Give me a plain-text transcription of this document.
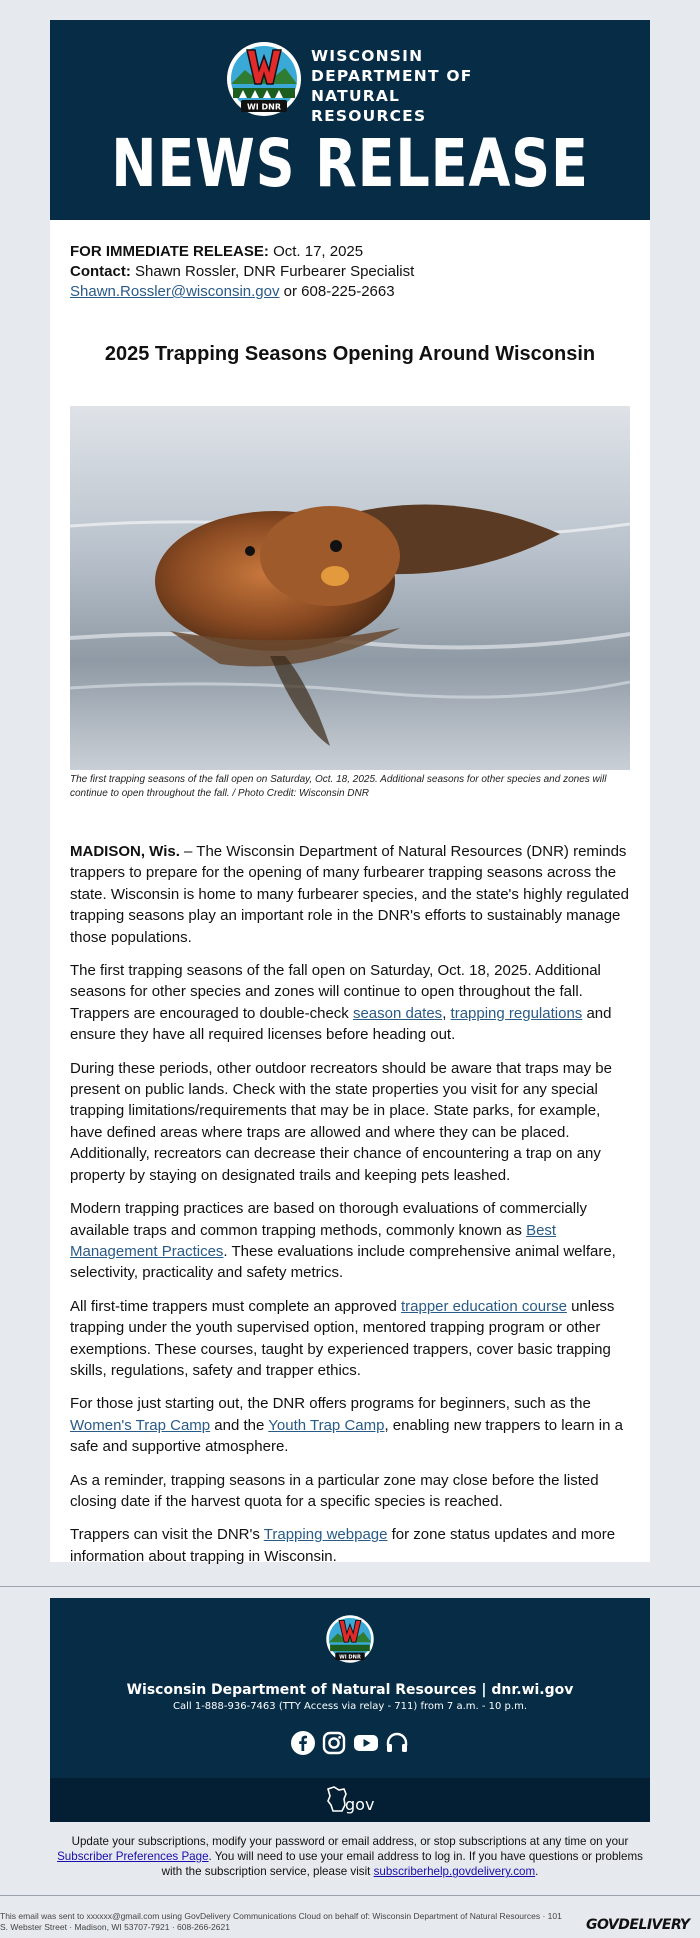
WI DNR
WISCONSIN
DEPARTMENT OF
NATURAL RESOURCES
NEWS RELEASE
FOR IMMEDIATE RELEASE: Oct. 17, 2025
Contact: Shawn Rossler, DNR Furbearer Specialist
Shawn.Rossler@wisconsin.gov or 608-225-2663
2025 Trapping Seasons Opening Around Wisconsin
The first trapping seasons of the fall open on Saturday, Oct. 18, 2025. Additional seasons for other species and zones will continue to open throughout the fall. / Photo Credit: Wisconsin DNR

MADISON, Wis. – The Wisconsin Department of Natural Resources (DNR) reminds trappers to prepare for the opening of many furbearer trapping seasons across the state. Wisconsin is home to many furbearer species, and the state's highly regulated trapping seasons play an important role in the DNR's efforts to sustainably manage those populations.

The first trapping seasons of the fall open on Saturday, Oct. 18, 2025. Additional seasons for other species and zones will continue to open throughout the fall. Trappers are encouraged to double-check season dates, trapping regulations and ensure they have all required licenses before heading out.

During these periods, other outdoor recreators should be aware that traps may be present on public lands. Check with the state properties you visit for any special trapping limitations/requirements that may be in place. State parks, for example, have defined areas where traps are allowed and where they can be placed. Additionally, recreators can decrease their chance of encountering a trap on any property by staying on designated trails and keeping pets leashed.

Modern trapping practices are based on thorough evaluations of commercially available traps and common trapping methods, commonly known as Best Management Practices. These evaluations include comprehensive animal welfare, selectivity, practicality and safety metrics.

All first-time trappers must complete an approved trapper education course unless trapping under the youth supervised option, mentored trapping program or other exemptions. These courses, taught by experienced trappers, cover basic trapping skills, regulations, safety and trapper ethics.

For those just starting out, the DNR offers programs for beginners, such as the Women's Trap Camp and the Youth Trap Camp, enabling new trappers to learn in a safe and supportive atmosphere.

As a reminder, trapping seasons in a particular zone may close before the listed closing date if the harvest quota for a specific species is reached.

Trappers can visit the DNR's Trapping webpage for zone status updates and more information about trapping in Wisconsin.

WI DNR
Wisconsin Department of Natural Resources | dnr.wi.gov
Call 1-888-936-7463 (TTY Access via relay - 711) from 7 a.m. - 10 p.m.
gov
Update your subscriptions, modify your password or email address, or stop subscriptions at any time on your Subscriber Preferences Page. You will need to use your email address to log in. If you have questions or problems with the subscription service, please visit subscriberhelp.govdelivery.com.
This email was sent to xxxxxx@gmail.com using GovDelivery Communications Cloud on behalf of: Wisconsin Department of Natural Resources · 101 S. Webster Street · Madison, WI 53707-7921 · 608-266-2621	GOVDELIVERY
